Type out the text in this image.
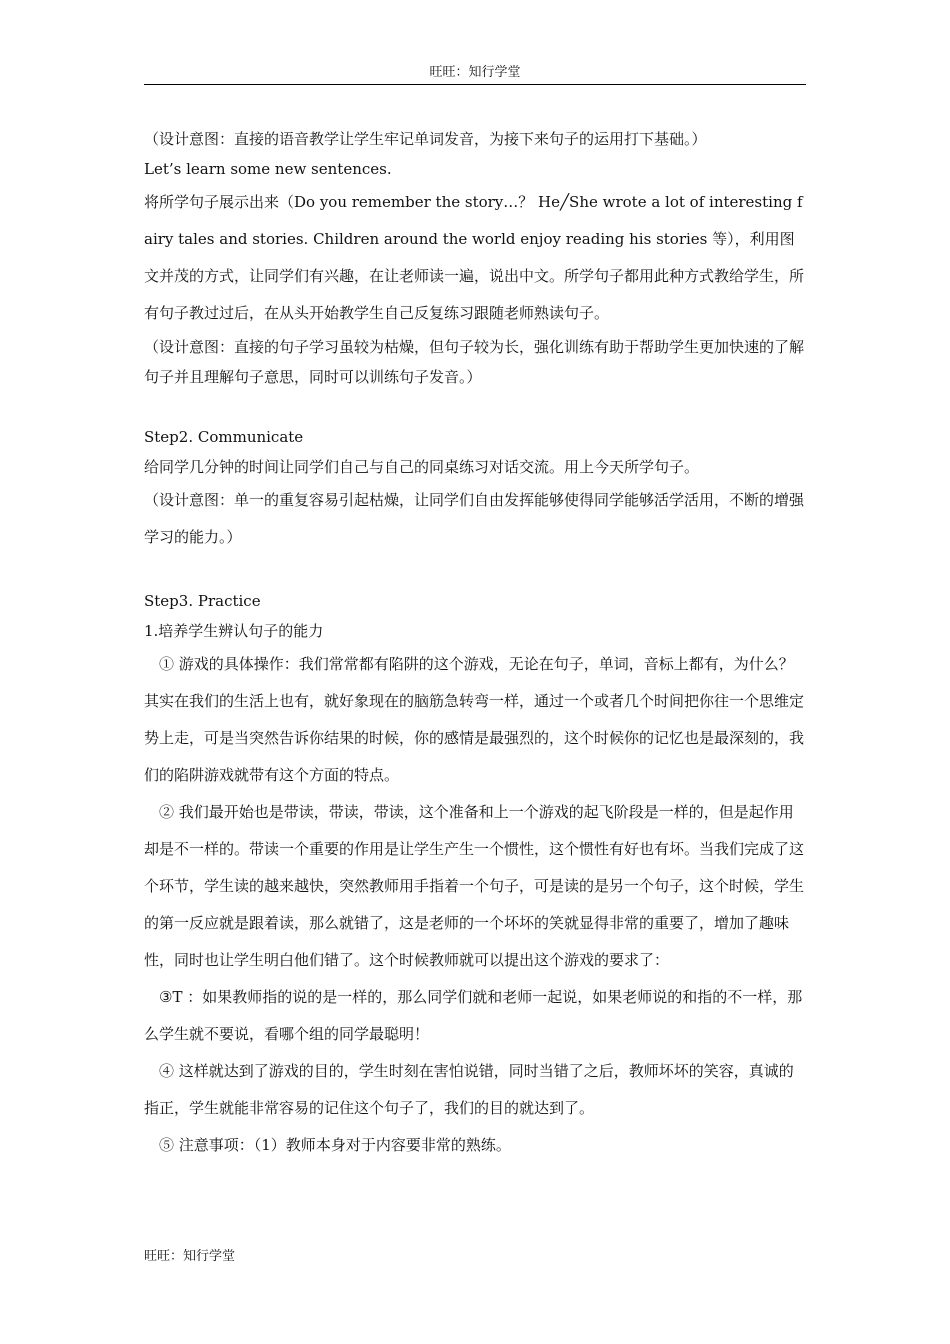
旺旺：知行学堂

（设计意图：直接的语音教学让学生牢记单词发音，为接下来句子的运用打下基础。）

Let’s learn some new sentences.

将所学句子展示出来（Do you remember the story…？ He╱She wrote a lot of interesting fairy tales and stories. Children around the world enjoy reading his stories 等），利用图文并茂的方式，让同学们有兴趣，在让老师读一遍，说出中文。所学句子都用此种方式教给学生，所有句子教过过后，在从头开始教学生自己反复练习跟随老师熟读句子。

（设计意图：直接的句子学习虽较为枯燥，但句子较为长，强化训练有助于帮助学生更加快速的了解句子并且理解句子意思，同时可以训练句子发音。）

Step2. Communicate

给同学几分钟的时间让同学们自己与自己的同桌练习对话交流。用上今天所学句子。

（设计意图：单一的重复容易引起枯燥，让同学们自由发挥能够使得同学能够活学活用，不断的增强学习的能力。）

Step3. Practice

1.培养学生辨认句子的能力

① 游戏的具体操作：我们常常都有陷阱的这个游戏，无论在句子，单词，音标上都有，为什么？其实在我们的生活上也有，就好象现在的脑筋急转弯一样，通过一个或者几个时间把你往一个思维定势上走，可是当突然告诉你结果的时候，你的感情是最强烈的，这个时候你的记忆也是最深刻的，我们的陷阱游戏就带有这个方面的特点。

② 我们最开始也是带读，带读，带读，这个准备和上一个游戏的起飞阶段是一样的，但是起作用却是不一样的。带读一个重要的作用是让学生产生一个惯性，这个惯性有好也有坏。当我们完成了这个环节，学生读的越来越快，突然教师用手指着一个句子，可是读的是另一个句子，这个时候，学生的第一反应就是跟着读，那么就错了，这是老师的一个坏坏的笑就显得非常的重要了，增加了趣味性，同时也让学生明白他们错了。这个时候教师就可以提出这个游戏的要求了：

③T ：如果教师指的说的是一样的，那么同学们就和老师一起说，如果老师说的和指的不一样，那么学生就不要说，看哪个组的同学最聪明！

④ 这样就达到了游戏的目的，学生时刻在害怕说错，同时当错了之后，教师坏坏的笑容，真诚的指正，学生就能非常容易的记住这个句子了，我们的目的就达到了。

⑤ 注意事项：（1）教师本身对于内容要非常的熟练。

旺旺：知行学堂
